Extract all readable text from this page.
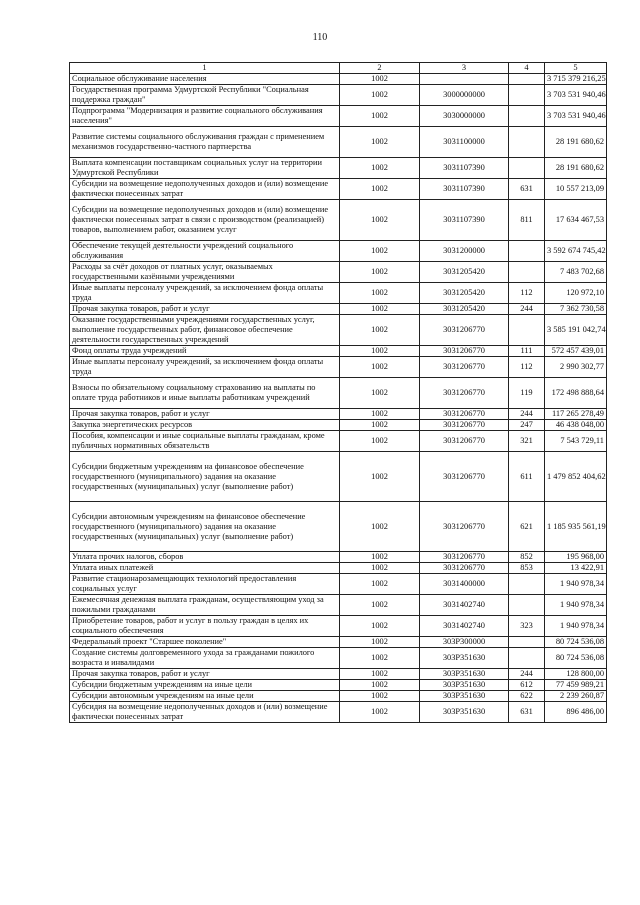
110
1	2	3	4	5
Социальное обслуживание населения	1002			3 715 379 216,25
Государственная программа Удмуртской Республики "Социальная поддержка граждан"	1002	3000000000		3 703 531 940,46
Подпрограмма "Модернизация и развитие социального обслуживания населения"	1002	3030000000		3 703 531 940,46
Развитие системы социального обслуживания граждан с применением механизмов государственно-частного партнерства	1002	3031100000		28 191 680,62
Выплата компенсации поставщикам социальных услуг на территории Удмуртской Республики	1002	3031107390		28 191 680,62
Субсидии на возмещение недополученных доходов и (или) возмещение фактически понесенных затрат	1002	3031107390	631	10 557 213,09
Субсидии на возмещение недополученных доходов и (или) возмещение фактически понесенных затрат в связи с производством (реализацией) товаров, выполнением работ, оказанием услуг	1002	3031107390	811	17 634 467,53
Обеспечение текущей деятельности учреждений социального обслуживания	1002	3031200000		3 592 674 745,42
Расходы за счёт доходов от платных услуг, оказываемых государственными казёнными учреждениями	1002	3031205420		7 483 702,68
Иные выплаты персоналу учреждений, за исключением фонда оплаты труда	1002	3031205420	112	120 972,10
Прочая закупка товаров, работ и услуг	1002	3031205420	244	7 362 730,58
Оказание государственными учреждениями государственных услуг, выполнение государственных работ, финансовое обеспечение деятельности государственных учреждений	1002	3031206770		3 585 191 042,74
Фонд оплаты труда учреждений	1002	3031206770	111	572 457 439,01
Иные выплаты персоналу учреждений, за исключением фонда оплаты труда	1002	3031206770	112	2 990 302,77
Взносы по обязательному социальному страхованию на выплаты по оплате труда работников и иные выплаты работникам учреждений	1002	3031206770	119	172 498 888,64
Прочая закупка товаров, работ и услуг	1002	3031206770	244	117 265 278,49
Закупка энергетических ресурсов	1002	3031206770	247	46 438 048,00
Пособия, компенсации и иные социальные выплаты гражданам, кроме публичных нормативных обязательств	1002	3031206770	321	7 543 729,11
Субсидии бюджетным учреждениям на финансовое обеспечение государственного (муниципального) задания на оказание государственных (муниципальных) услуг (выполнение работ)	1002	3031206770	611	1 479 852 404,62
Субсидии автономным учреждениям на финансовое обеспечение государственного (муниципального) задания на оказание государственных (муниципальных) услуг (выполнение работ)	1002	3031206770	621	1 185 935 561,19
Уплата прочих налогов, сборов	1002	3031206770	852	195 968,00
Уплата иных платежей	1002	3031206770	853	13 422,91
Развитие стационарозамещающих технологий предоставления социальных услуг	1002	3031400000		1 940 978,34
Ежемесячная денежная выплата гражданам, осуществляющим уход за пожилыми гражданами	1002	3031402740		1 940 978,34
Приобретение товаров, работ и услуг в пользу граждан в целях их социального обеспечения	1002	3031402740	323	1 940 978,34
Федеральный проект "Старшее поколение"	1002	303P300000		80 724 536,08
Создание системы долговременного ухода за гражданами пожилого возраста и инвалидами	1002	303P351630		80 724 536,08
Прочая закупка товаров, работ и услуг	1002	303P351630	244	128 800,00
Субсидии бюджетным учреждениям на иные цели	1002	303P351630	612	77 459 989,21
Субсидии автономным учреждениям на иные цели	1002	303P351630	622	2 239 260,87
Субсидия на возмещение недополученных доходов и (или) возмещение фактически понесенных затрат	1002	303P351630	631	896 486,00
